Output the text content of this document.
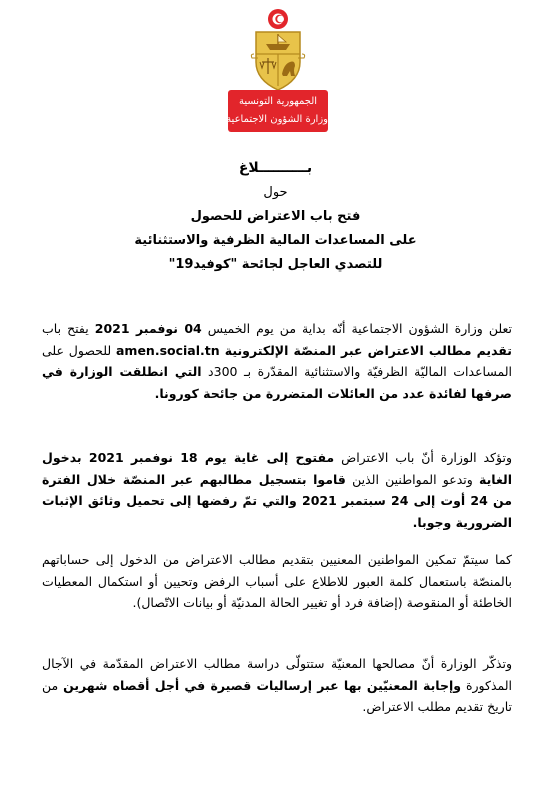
الجمهورية التونسية
وزارة الشؤون الاجتماعية
بــــــــــلاغ
حول
فتح باب الاعتراض للحصول
على المساعدات المالية الظرفية والاستثنائية
للتصدي العاجل لجائحة "كوفيد19"
تعلن وزارة الشؤون الاجتماعية أنّه بداية من يوم الخميس 04 نوفمبر 2021 يفتح باب تقديم مطالب الاعتراض عبر المنصّة الإلكترونية amen.social.tn للحصول على المساعدات الماليّة الظرفيّة والاستثنائية المقدّرة بـ 300د التي انطلقت الوزارة في صرفها لفائدة عدد من العائلات المتضررة من جائحة كورونا.
وتؤكد الوزارة أنّ باب الاعتراض مفتوح إلى غاية يوم 18 نوفمبر 2021 بدخول الغاية وتدعو المواطنين الذين قاموا بتسجيل مطالبهم عبر المنصّة خلال الفترة من 24 أوت إلى 24 سبتمبر 2021 والتي تمّ رفضها إلى تحميل وثائق الإثبات الضرورية وجوبا.
كما سيتمّ تمكين المواطنين المعنيين بتقديم مطالب الاعتراض من الدخول إلى حساباتهم بالمنصّة باستعمال كلمة العبور للاطلاع على أسباب الرفض وتحيين أو استكمال المعطيات الخاطئة أو المنقوصة (إضافة فرد أو تغيير الحالة المدنيّة أو بيانات الاتّصال).
وتذكّر الوزارة أنّ مصالحها المعنيّة ستتولّى دراسة مطالب الاعتراض المقدّمة في الآجال المذكورة وإجابة المعنيّين بها عبر إرساليات قصيرة في أجل أقصاه شهرين من تاريخ تقديم مطلب الاعتراض.
